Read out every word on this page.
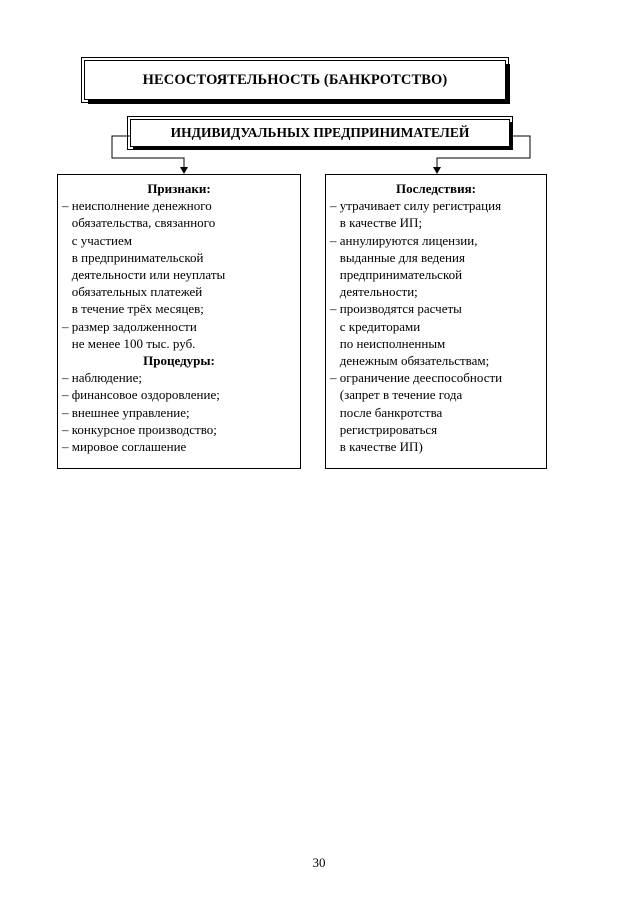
НЕСОСТОЯТЕЛЬНОСТЬ (БАНКРОТСТВО)
ИНДИВИДУАЛЬНЫХ ПРЕДПРИНИМАТЕЛЕЙ
Признаки:
– неисполнение денежного
обязательства, связанного
с участием
в предпринимательской
деятельности или неуплаты
обязательных платежей
в течение трёх месяцев;
– размер задолженности
не менее 100 тыс. руб.
Процедуры:
– наблюдение;
– финансовое оздоровление;
– внешнее управление;
– конкурсное производство;
– мировое соглашение
Последствия:
– утрачивает силу регистрация
в качестве ИП;
– аннулируются лицензии,
выданные для ведения
предпринимательской
деятельности;
– производятся расчеты
с кредиторами
по неисполненным
денежным обязательствам;
– ограничение дееспособности
(запрет в течение года
после банкротства
регистрироваться
в качестве ИП)
30
